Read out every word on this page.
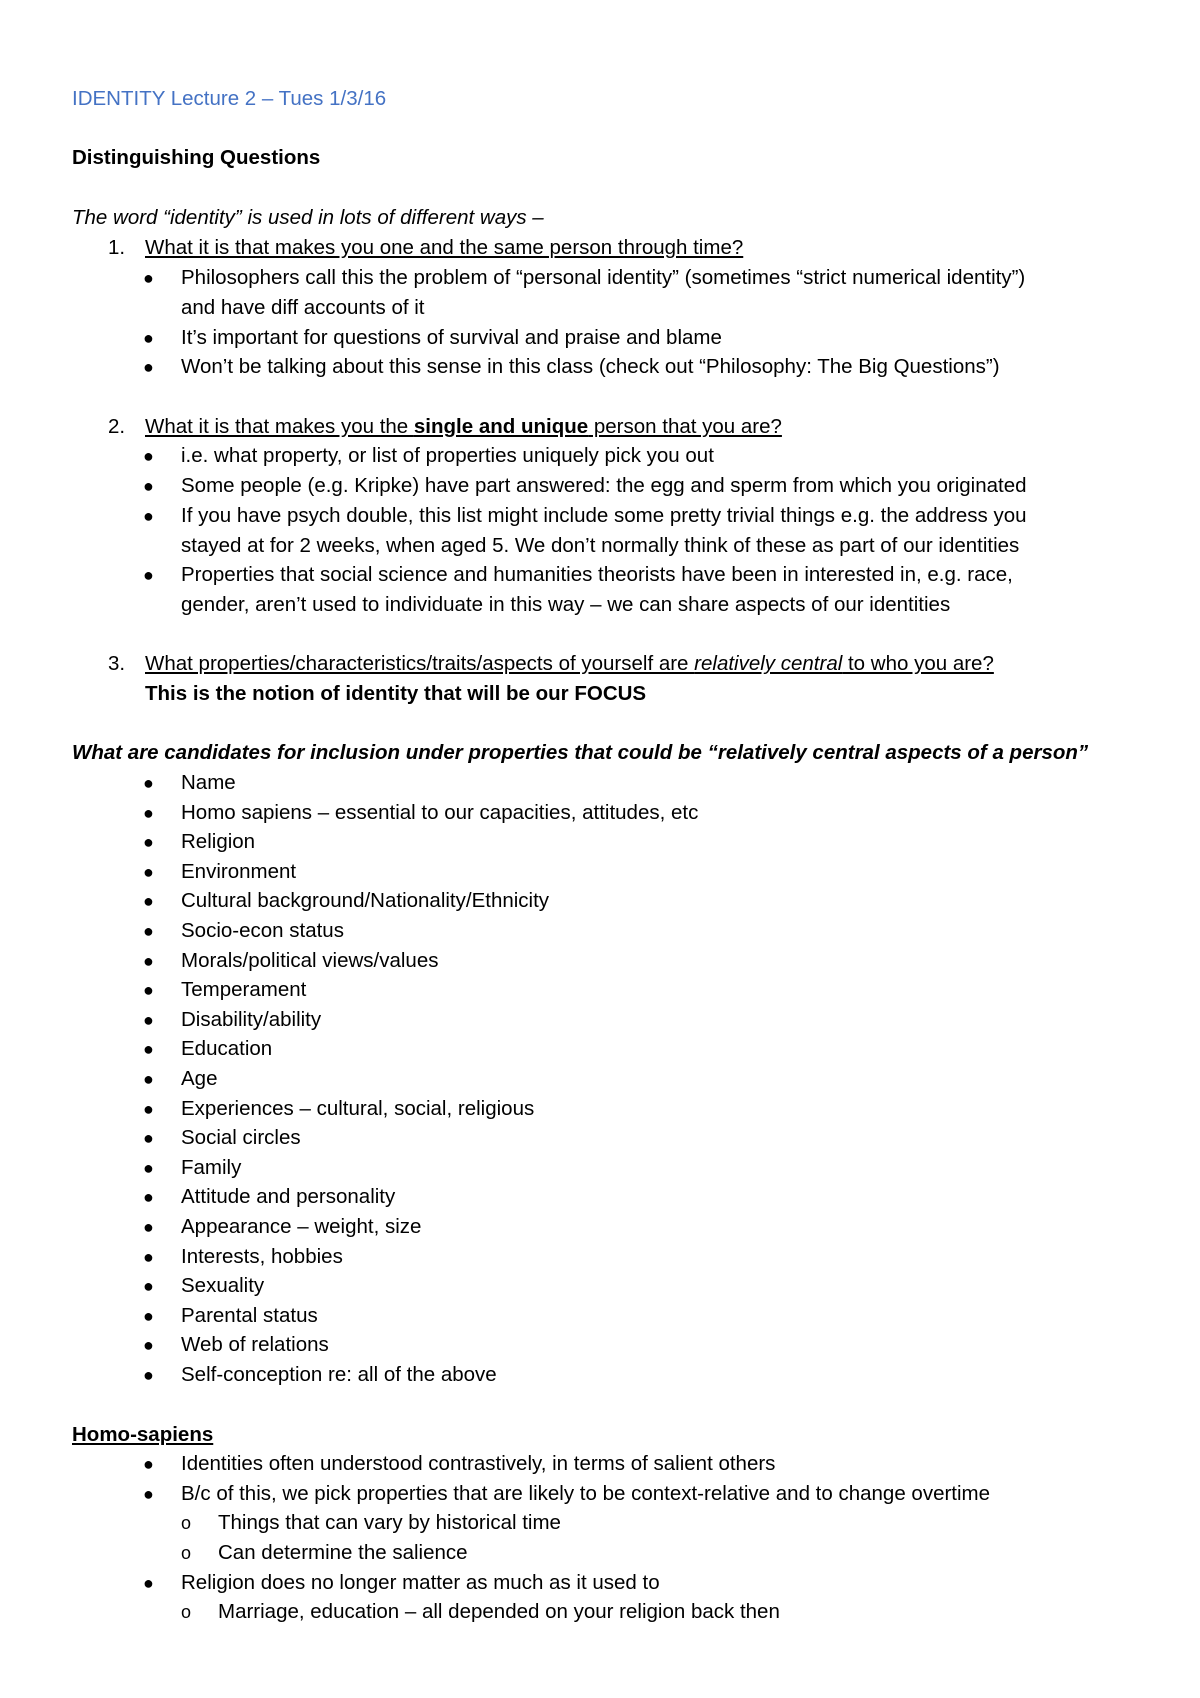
IDENTITY Lecture 2 – Tues 1/3/16
Distinguishing Questions
The word “identity” is used in lots of different ways –
1. What it is that makes you one and the same person through time?
● Philosophers call this the problem of “personal identity” (sometimes “strict numerical identity”)
and have diff accounts of it
● It’s important for questions of survival and praise and blame
● Won’t be talking about this sense in this class (check out “Philosophy: The Big Questions”)
2. What it is that makes you the single and unique person that you are?
● i.e. what property, or list of properties uniquely pick you out
● Some people (e.g. Kripke) have part answered: the egg and sperm from which you originated
● If you have psych double, this list might include some pretty trivial things e.g. the address you
stayed at for 2 weeks, when aged 5. We don’t normally think of these as part of our identities
● Properties that social science and humanities theorists have been in interested in, e.g. race,
gender, aren’t used to individuate in this way – we can share aspects of our identities
3. What properties/characteristics/traits/aspects of yourself are relatively central to who you are?
This is the notion of identity that will be our FOCUS
What are candidates for inclusion under properties that could be “relatively central aspects of a person”
● Name
● Homo sapiens – essential to our capacities, attitudes, etc
● Religion
● Environment
● Cultural background/Nationality/Ethnicity
● Socio-econ status
● Morals/political views/values
● Temperament
● Disability/ability
● Education
● Age
● Experiences – cultural, social, religious
● Social circles
● Family
● Attitude and personality
● Appearance – weight, size
● Interests, hobbies
● Sexuality
● Parental status
● Web of relations
● Self-conception re: all of the above
Homo-sapiens
● Identities often understood contrastively, in terms of salient others
● B/c of this, we pick properties that are likely to be context-relative and to change overtime
o Things that can vary by historical time
o Can determine the salience
● Religion does no longer matter as much as it used to
o Marriage, education – all depended on your religion back then
